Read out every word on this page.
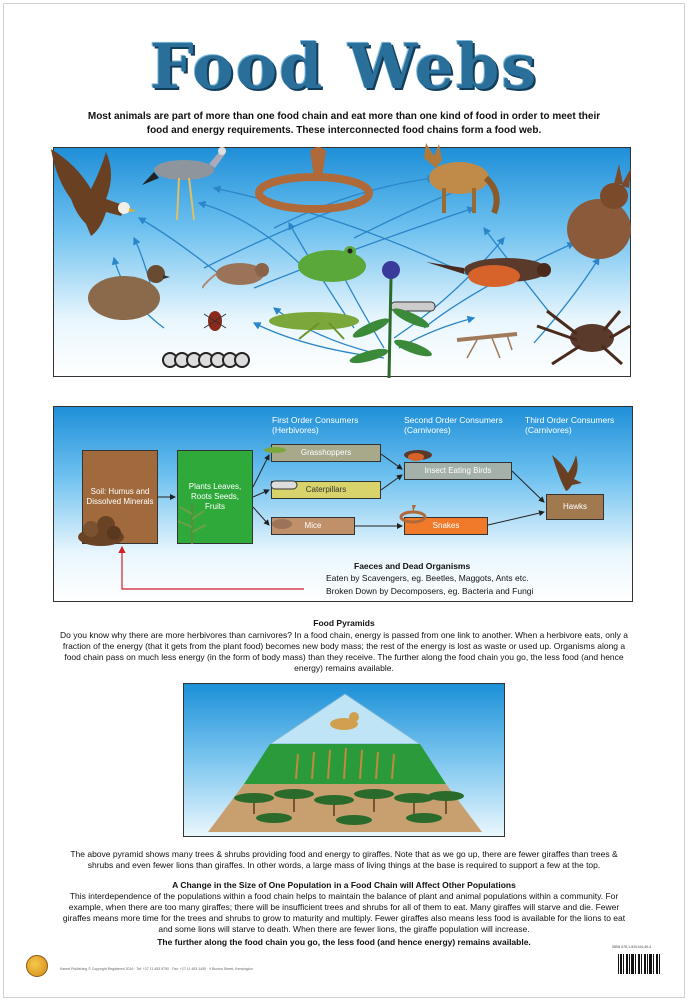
Food Webs

Most animals are part of more than one food chain and eat more than one kind of food in order to meet their food and energy requirements. These interconnected food chains form a food web.

First Order Consumers
(Herbivores)
Second Order Consumers
(Carnivores)
Third Order Consumers
(Carnivores)
Soil: Humus and Dissolved Minerals
Plants Leaves, Roots Seeds, Fruits
Grasshoppers
Caterpillars
Mice
Insect Eating Birds
Snakes
Hawks
Faeces and Dead Organisms
Eaten by Scavengers, eg. Beetles, Maggots, Ants etc.
Broken Down by Decomposers, eg. Bacteria and Fungi
Food Pyramids

Do you know why there are more herbivores than carnivores? In a food chain, energy is passed from one link to another. When a herbivore eats, only a fraction of the energy (that it gets from the plant food) becomes new body mass; the rest of the energy is lost as waste or used up. Organisms along a food chain pass on much less energy (in the form of body mass) than they receive. The further along the food chain you go, the less food (and hence energy) remains available.

The above pyramid shows many trees & shrubs providing food and energy to giraffes. Note that as we go up, there are fewer giraffes than trees & shrubs and even fewer lions than giraffes. In other words, a large mass of living things at the base is required to support a few at the top.

A Change in the Size of One Population in a Food Chain will Affect Other Populations

This interdependence of the populations within a food chain helps to maintain the balance of plant and animal populations within a community. For example, when there are too many giraffes; there will be insufficient trees and shrubs for all of them to eat. Many giraffes will starve and die. Fewer giraffes means more time for the trees and shrubs to grow to maturity and multiply. Fewer giraffes also means less food is available for the lions to eat and some lions will starve to death. When there are fewer lions, the giraffe population will increase.

The further along the food chain you go, the less food (and hence energy) remains available.
Kamet Publishing © Copyright Registered 2016 · Tel: +27 11 483 8750 · Fax: +27 11 483 1455 · 9 Buxton Street, Kensington
ISBN 978-1-920144-49-4
